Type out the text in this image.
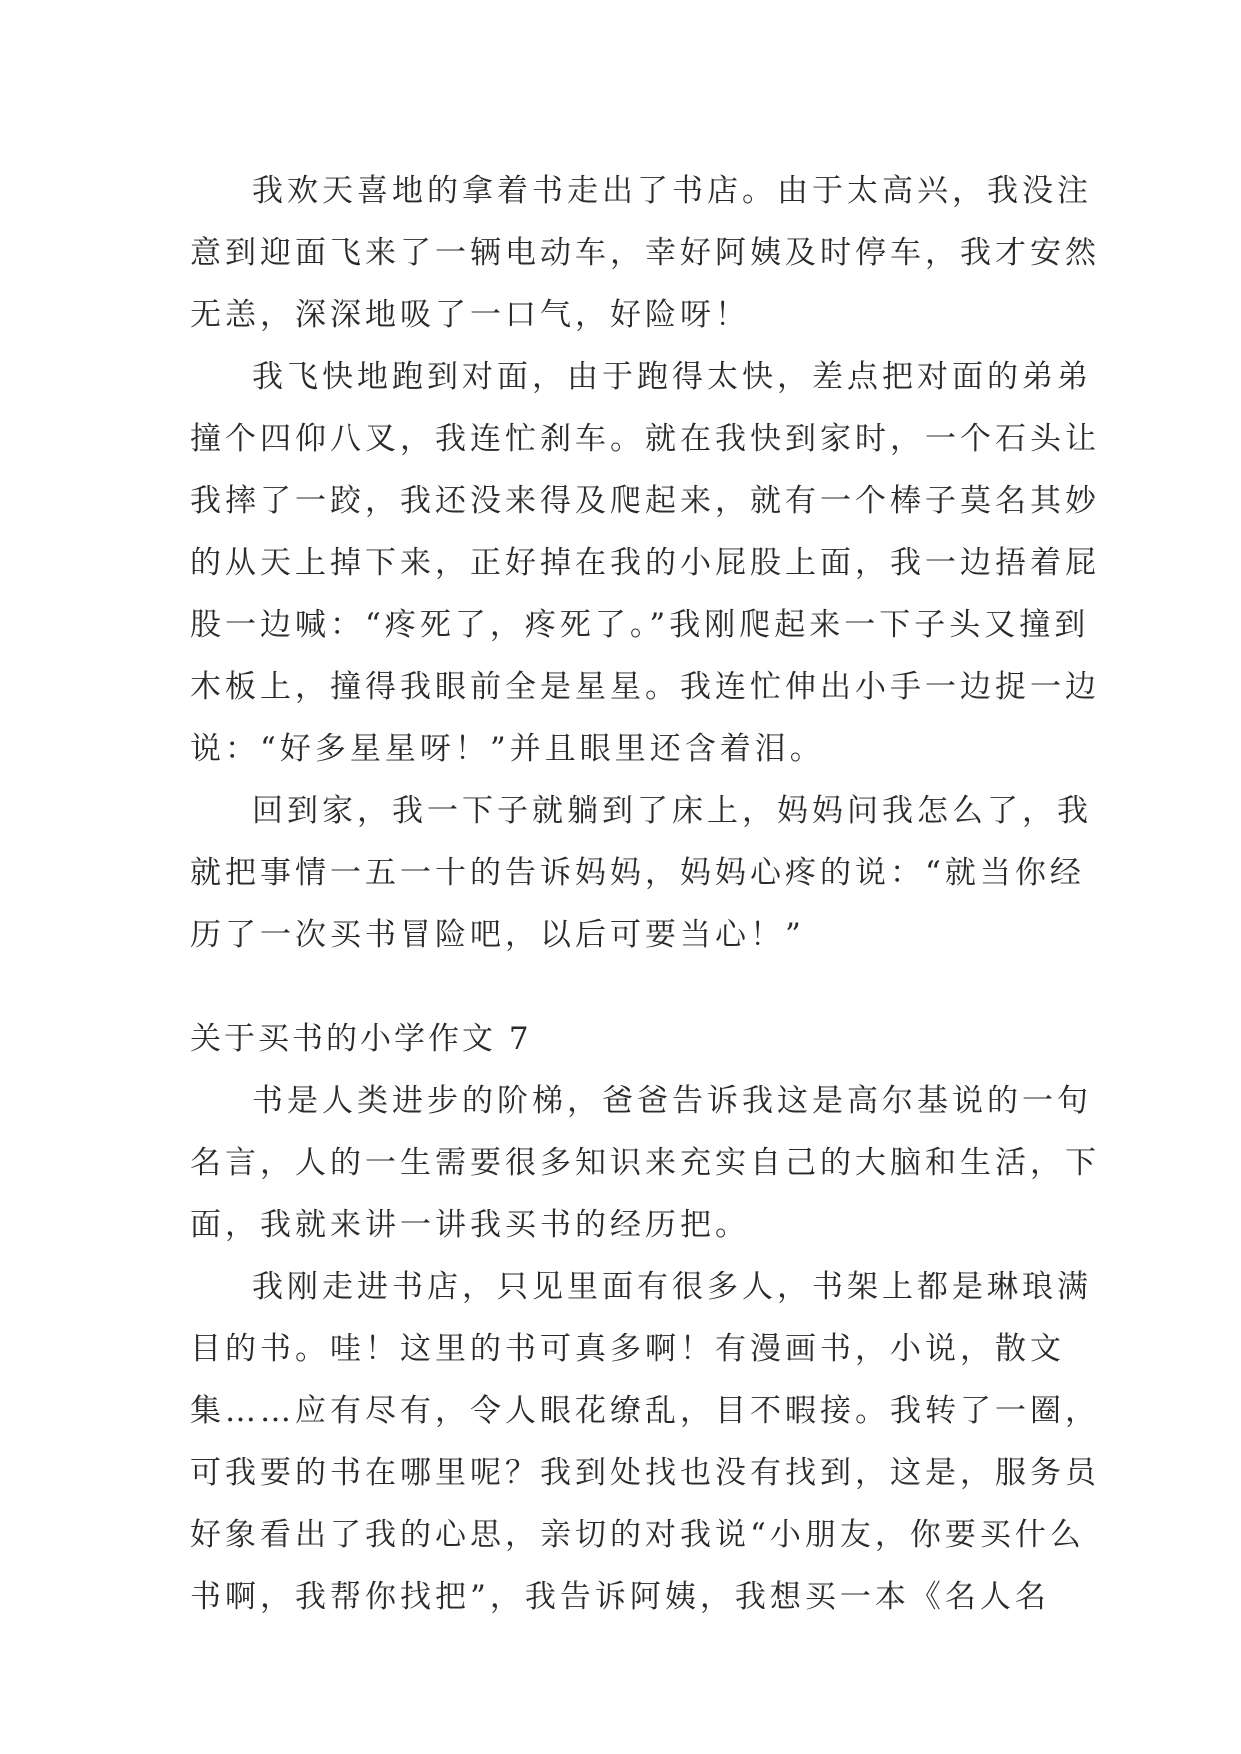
我欢天喜地的拿着书走出了书店。由于太高兴，我没注
意到迎面飞来了一辆电动车，幸好阿姨及时停车，我才安然
无恙，深深地吸了一口气，好险呀！

我飞快地跑到对面，由于跑得太快，差点把对面的弟弟
撞个四仰八叉，我连忙刹车。就在我快到家时，一个石头让
我摔了一跤，我还没来得及爬起来，就有一个棒子莫名其妙
的从天上掉下来，正好掉在我的小屁股上面，我一边捂着屁
股一边喊：“疼死了，疼死了。”我刚爬起来一下子头又撞到
木板上，撞得我眼前全是星星。我连忙伸出小手一边捉一边
说：“好多星星呀！”并且眼里还含着泪。

回到家，我一下子就躺到了床上，妈妈问我怎么了，我
就把事情一五一十的告诉妈妈，妈妈心疼的说：“就当你经
历了一次买书冒险吧，以后可要当心！”

关于买书的小学作文 7

书是人类进步的阶梯，爸爸告诉我这是高尔基说的一句
名言，人的一生需要很多知识来充实自己的大脑和生活，下
面，我就来讲一讲我买书的经历把。

我刚走进书店，只见里面有很多人，书架上都是琳琅满
目的书。哇！这里的书可真多啊！有漫画书，小说，散文
集……应有尽有，令人眼花缭乱，目不暇接。我转了一圈，
可我要的书在哪里呢？我到处找也没有找到，这是，服务员
好象看出了我的心思，亲切的对我说“小朋友，你要买什么
书啊，我帮你找把”，我告诉阿姨，我想买一本《名人名
